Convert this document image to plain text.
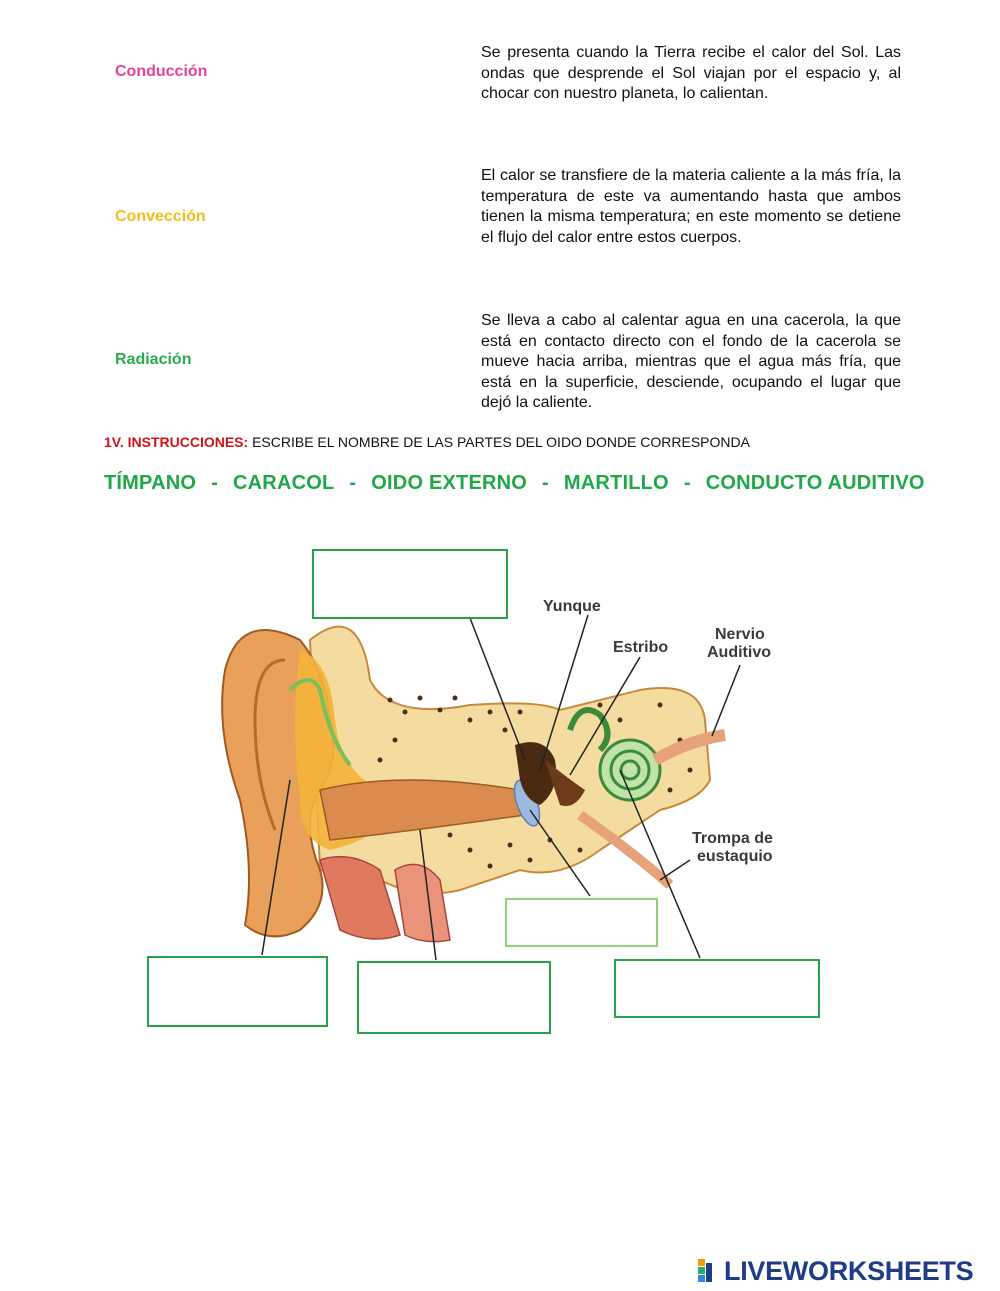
Conducción
Se presenta cuando la Tierra recibe el calor del Sol. Las ondas que desprende el Sol viajan por el espacio y, al chocar con nuestro planeta, lo calientan.
Convección
El calor se transfiere de la materia caliente a la más fría, la temperatura de este va aumentando hasta que ambos tienen la misma temperatura; en este momento se detiene el flujo del calor entre estos cuerpos.
Radiación
Se lleva a cabo al calentar agua en una cacerola, la que está en contacto directo con el fondo de la cacerola se mueve hacia arriba, mientras que el agua más fría, que está en la superficie, desciende, ocupando el lugar que dejó la caliente.
1V. INSTRUCCIONES: ESCRIBE EL NOMBRE DE LAS PARTES DEL OIDO DONDE CORRESPONDA
TÍMPANO - CARACOL - OIDO EXTERNO - MARTILLO - CONDUCTO AUDITIVO
Yunque
Estribo
Nervio
Auditivo
Trompa de
eustaquio
LIVEWORKSHEETS
